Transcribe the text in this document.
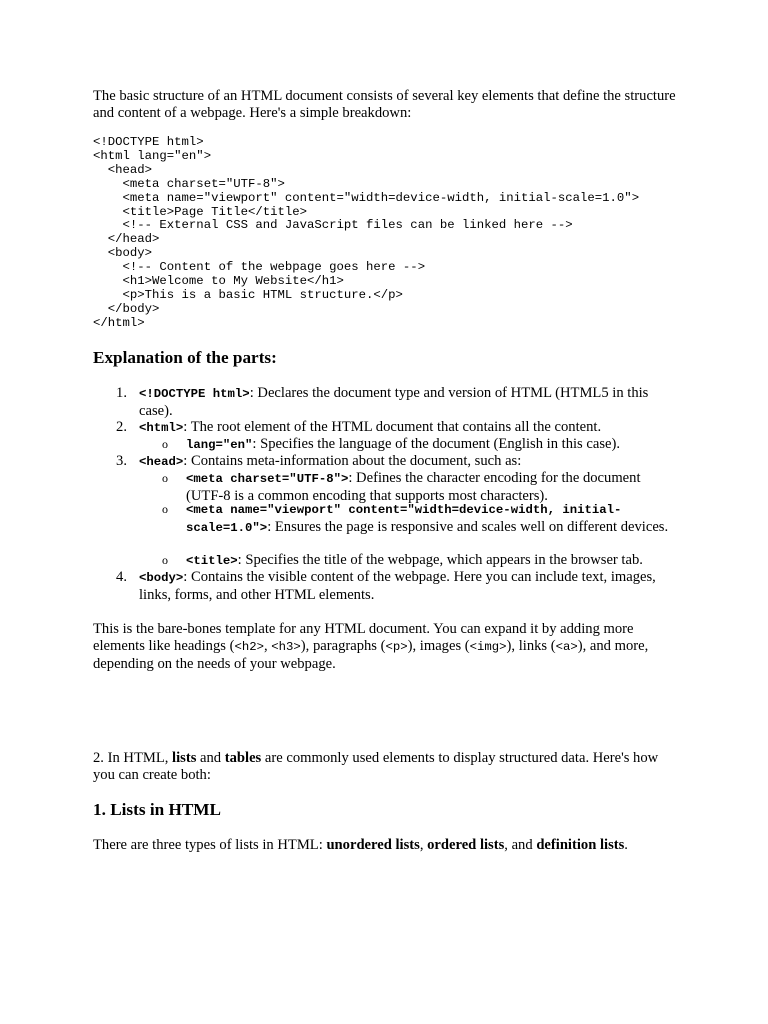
The basic structure of an HTML document consists of several key elements that define the structure and content of a webpage. Here's a simple breakdown:

<!DOCTYPE html>
<html lang="en">
<head>
<meta charset="UTF-8">
<meta name="viewport" content="width=device-width, initial-scale=1.0">
<title>Page Title</title>
<!-- External CSS and JavaScript files can be linked here -->
</head>
<body>
<!-- Content of the webpage goes here -->
<h1>Welcome to My Website</h1>
<p>This is a basic HTML structure.</p>
</body>
</html>
Explanation of the parts:
1. <!DOCTYPE html>: Declares the document type and version of HTML (HTML5 in this case).
2. <html>: The root element of the HTML document that contains all the content.
o lang="en": Specifies the language of the document (English in this case).
3. <head>: Contains meta-information about the document, such as:
o <meta charset="UTF-8">: Defines the character encoding for the document (UTF-8 is a common encoding that supports most characters).
o <meta name="viewport" content="width=device-width, initial-scale=1.0">: Ensures the page is responsive and scales well on different devices.
o <title>: Specifies the title of the webpage, which appears in the browser tab.
4. <body>: Contains the visible content of the webpage. Here you can include text, images, links, forms, and other HTML elements.

This is the bare-bones template for any HTML document. You can expand it by adding more elements like headings (<h2>, <h3>), paragraphs (<p>), images (<img>), links (<a>), and more, depending on the needs of your webpage.

2. In HTML, lists and tables are commonly used elements to display structured data. Here's how you can create both:

1. Lists in HTML

There are three types of lists in HTML: unordered lists, ordered lists, and definition lists.
